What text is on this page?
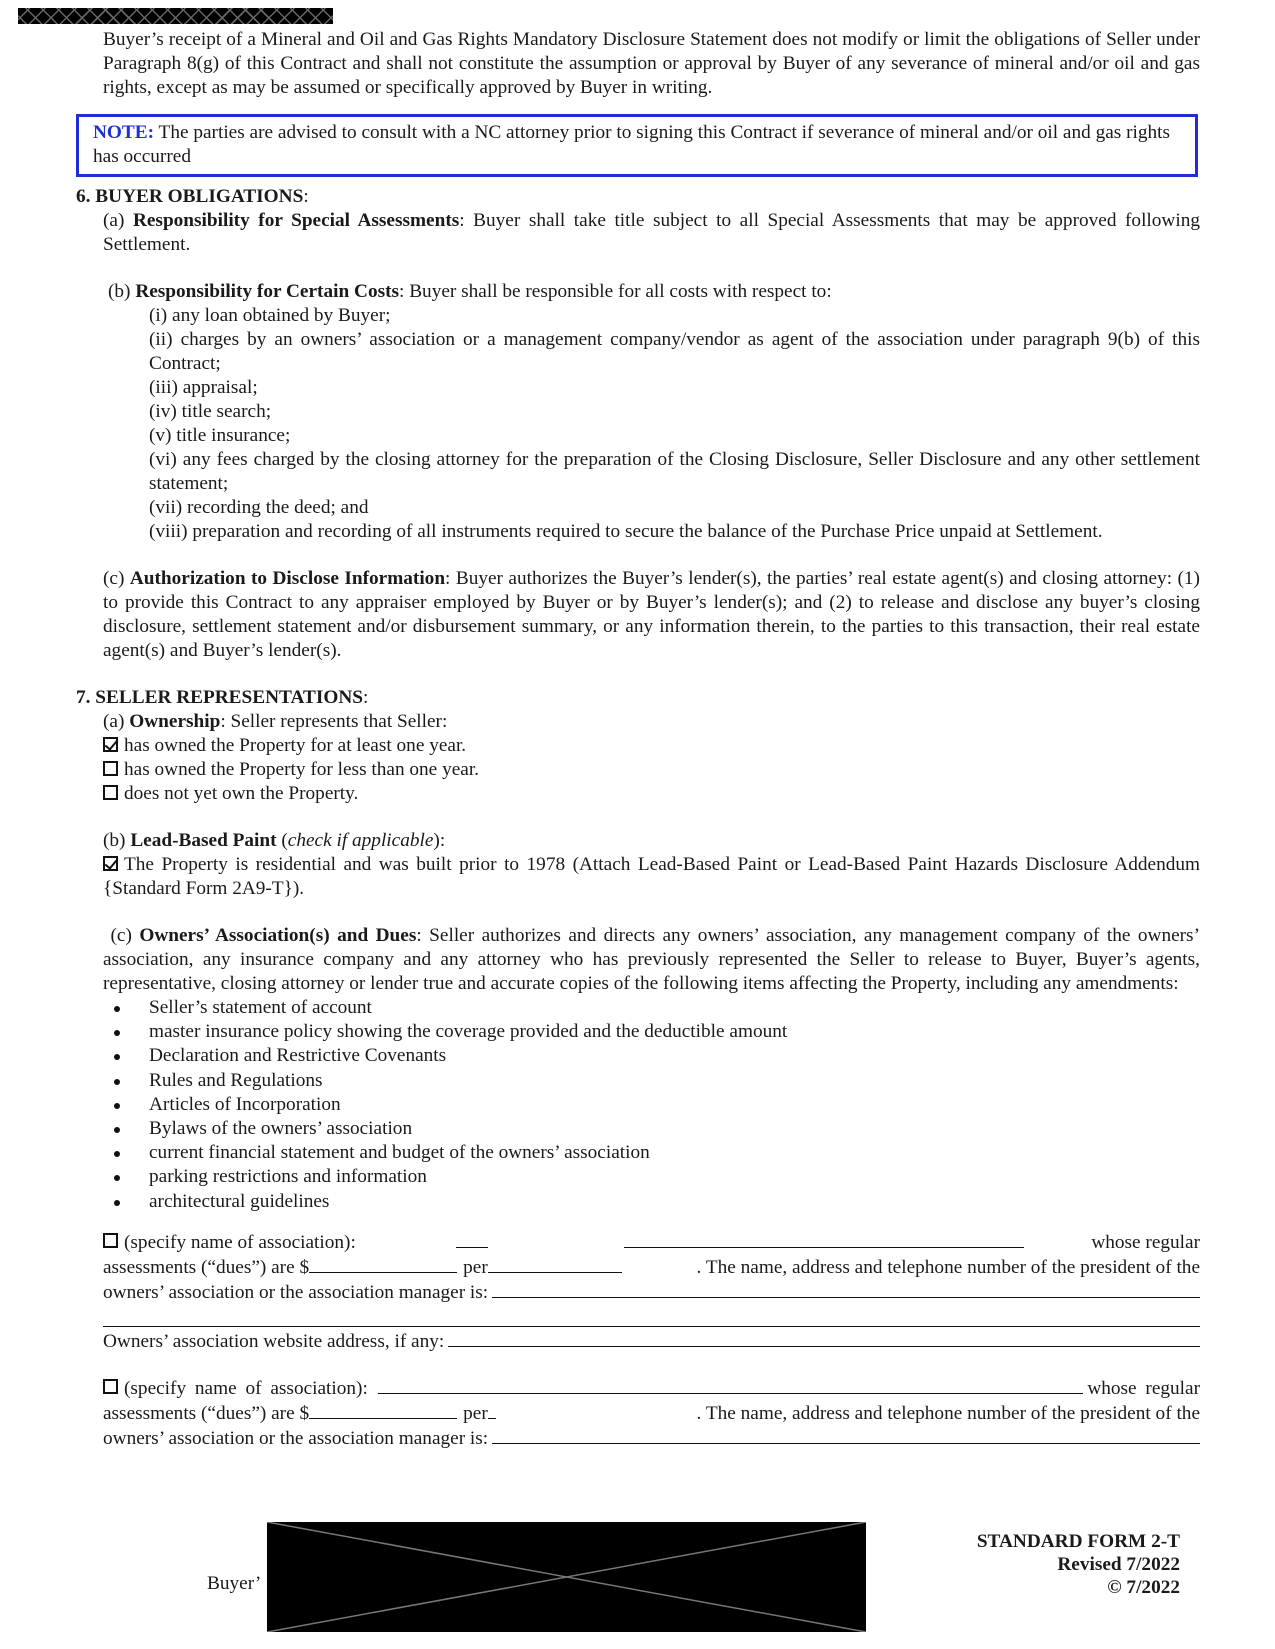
Buyer’s receipt of a Mineral and Oil and Gas Rights Mandatory Disclosure Statement does not modify or limit the obligations of Seller under Paragraph 8(g) of this Contract and shall not constitute the assumption or approval by Buyer of any severance of mineral and/or oil and gas rights, except as may be assumed or specifically approved by Buyer in writing.

NOTE: The parties are advised to consult with a NC attorney prior to signing this Contract if severance of mineral and/or oil and gas rights has occurred

6. BUYER OBLIGATIONS:

(a) Responsibility for Special Assessments: Buyer shall take title subject to all Special Assessments that may be approved following Settlement.

(b) Responsibility for Certain Costs: Buyer shall be responsible for all costs with respect to:

(i) any loan obtained by Buyer;

(ii) charges by an owners’ association or a management company/vendor as agent of the association under paragraph 9(b) of this Contract;

(iii) appraisal;

(iv) title search;

(v) title insurance;

(vi) any fees charged by the closing attorney for the preparation of the Closing Disclosure, Seller Disclosure and any other settlement statement;

(vii) recording the deed; and

(viii) preparation and recording of all instruments required to secure the balance of the Purchase Price unpaid at Settlement.

(c) Authorization to Disclose Information: Buyer authorizes the Buyer’s lender(s), the parties’ real estate agent(s) and closing attorney: (1) to provide this Contract to any appraiser employed by Buyer or by Buyer’s lender(s); and (2) to release and disclose any buyer’s closing disclosure, settlement statement and/or disbursement summary, or any information therein, to the parties to this transaction, their real estate agent(s) and Buyer’s lender(s).

7. SELLER REPRESENTATIONS:

(a) Ownership: Seller represents that Seller:

has owned the Property for at least one year.

has owned the Property for less than one year.

does not yet own the Property.

(b) Lead-Based Paint (check if applicable):

The Property is residential and was built prior to 1978 (Attach Lead-Based Paint or Lead-Based Paint Hazards Disclosure Addendum {Standard Form 2A9-T}).

(c) Owners’ Association(s) and Dues: Seller authorizes and directs any owners’ association, any management company of the owners’ association, any insurance company and any attorney who has previously represented the Seller to release to Buyer, Buyer’s agents, representative, closing attorney or lender true and accurate copies of the following items affecting the Property, including any amendments:

Seller’s statement of account
master insurance policy showing the coverage provided and the deductible amount
Declaration and Restrictive Covenants
Rules and Regulations
Articles of Incorporation
Bylaws of the owners’ association
current financial statement and budget of the owners’ association
parking restrictions and information
architectural guidelines
(specify name of association):	whose regular
assessments (“dues”) are $	per	. The name, address and telephone number of the president of the
owners’ association or the association manager is:
Owners’ association website address, if any:
(specify name of association):	whose regular
assessments (“dues”) are $	per	. The name, address and telephone number of the president of the
owners’ association or the association manager is:
Buyer’
STANDARD FORM 2-T
Revised 7/2022
© 7/2022
